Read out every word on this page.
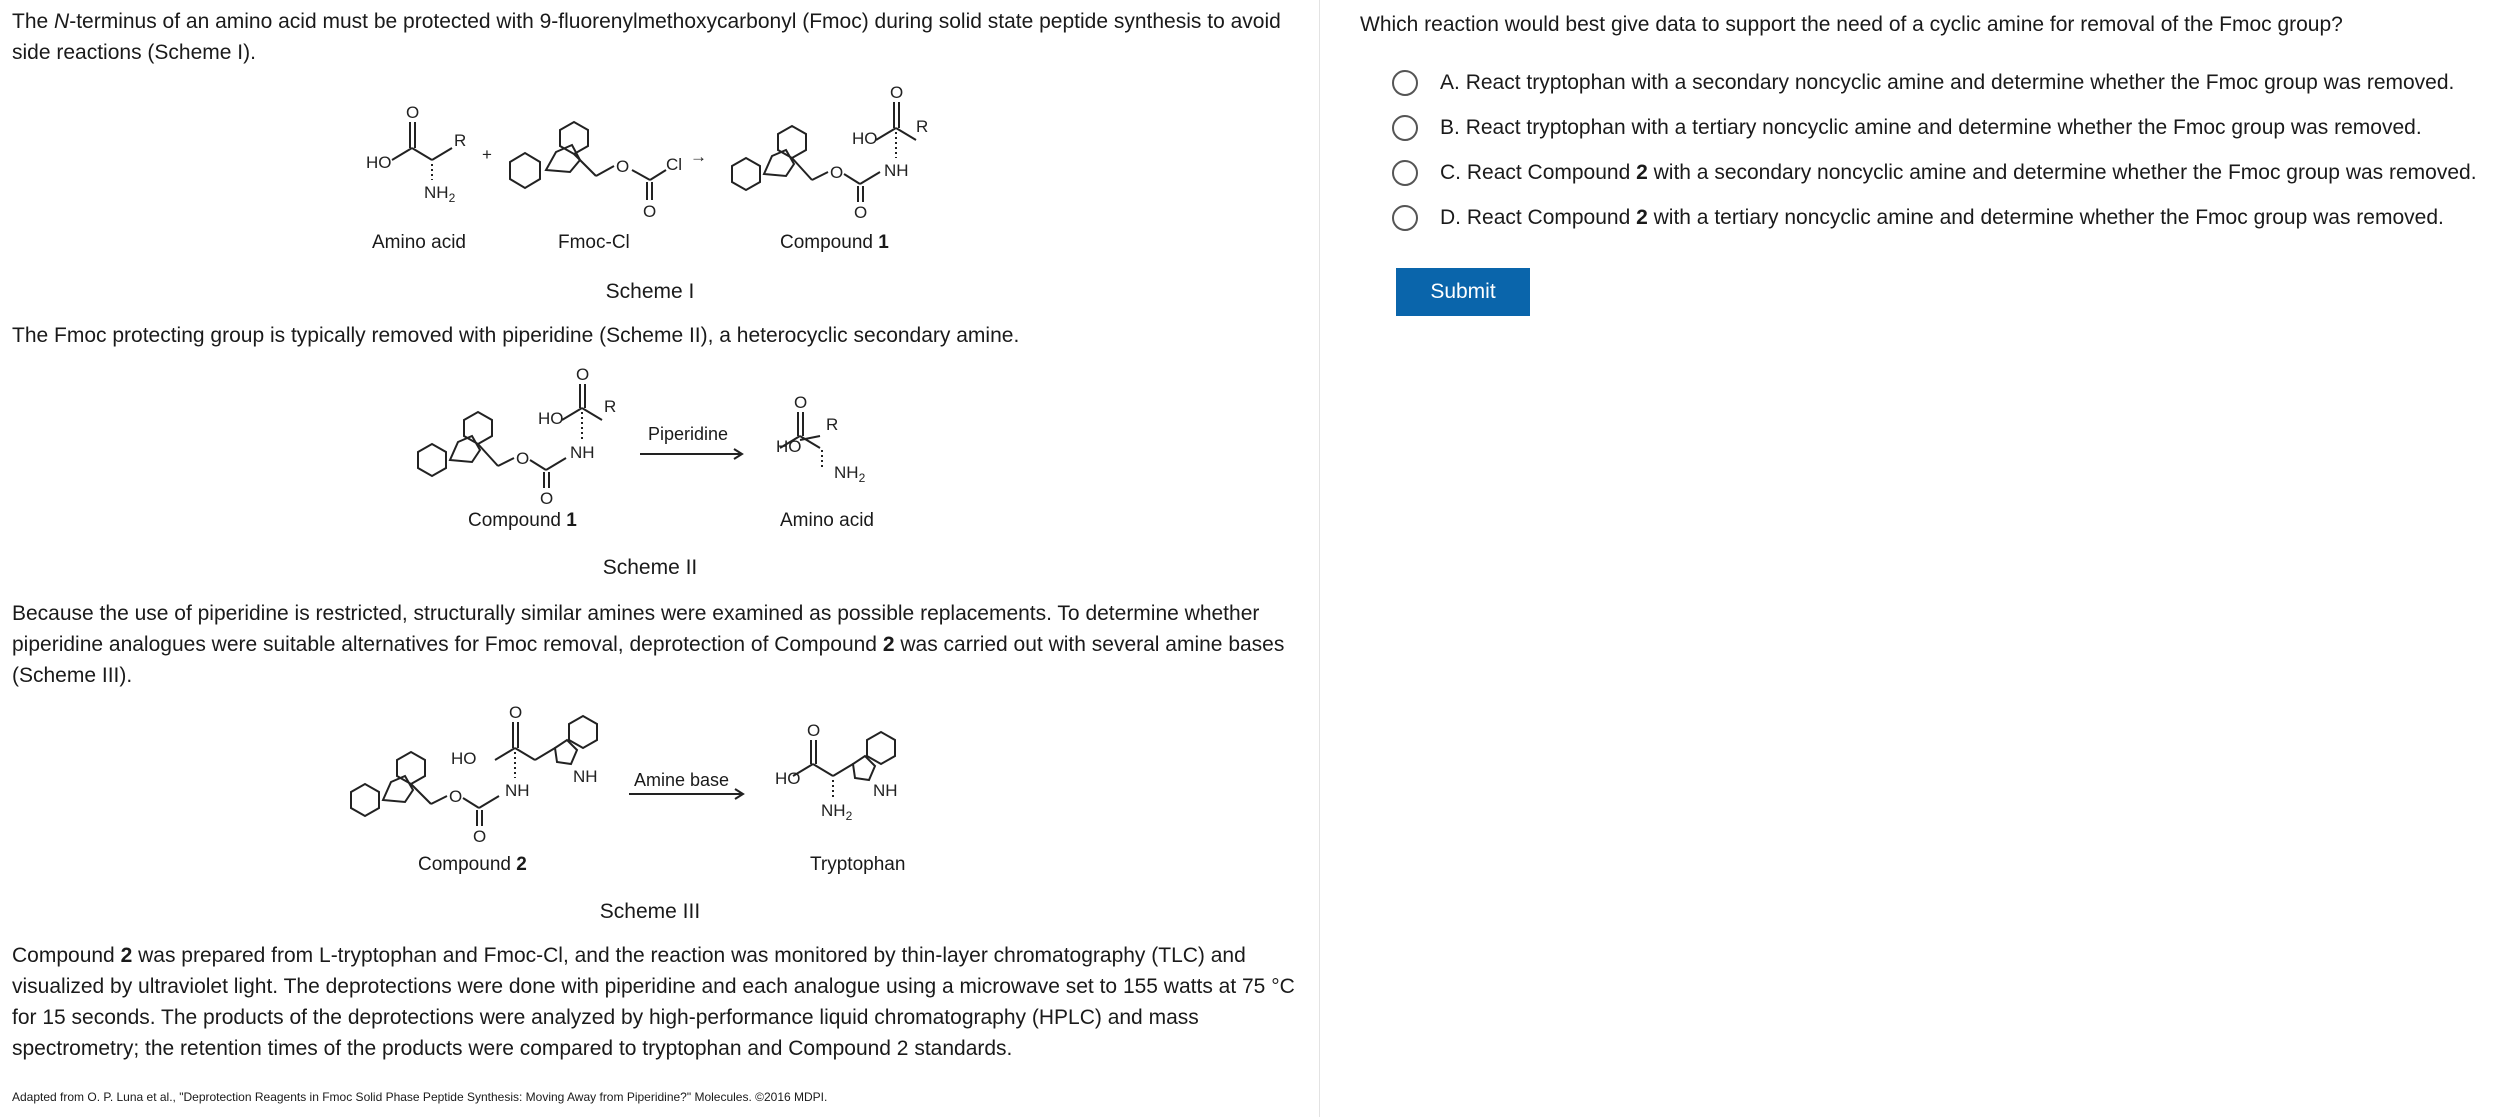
The N-terminus of an amino acid must be protected with 9-fluorenylmethoxycarbonyl (Fmoc) during solid state peptide synthesis to avoid side reactions (Scheme I).

HO
O
R
$NH_2$
+
O Cl
O
→
HO
O
R
NH
O
O
Amino acid	Fmoc-Cl	Compound 1
Scheme I

The Fmoc protecting group is typically removed with piperidine (Scheme II), a heterocyclic secondary amine.

O
O
HO
O
R
NH	HO
O
R
$NH_2$
Piperidine
Compound 1	Amino acid
Scheme II

Because the use of piperidine is restricted, structurally similar amines were examined as possible replacements. To determine whether piperidine analogues were suitable alternatives for Fmoc removal, deprotection of Compound 2 was carried out with several amine bases (Scheme III).

O
O
HO
O
NH
NH	HO
O
$NH_2$
NH
Amine base
Compound 2	Tryptophan
Scheme III

Compound 2 was prepared from L-tryptophan and Fmoc-Cl, and the reaction was monitored by thin-layer chromatography (TLC) and visualized by ultraviolet light. The deprotections were done with piperidine and each analogue using a microwave set to 155 watts at 75 °C for 15 seconds. The products of the deprotections were analyzed by high-performance liquid chromatography (HPLC) and mass spectrometry; the retention times of the products were compared to tryptophan and Compound 2 standards.

Adapted from O. P. Luna et al., "Deprotection Reagents in Fmoc Solid Phase Peptide Synthesis: Moving Away from Piperidine?" Molecules. ©2016 MDPI.

Which reaction would best give data to support the need of a cyclic amine for removal of the Fmoc group?

A.
React tryptophan with a secondary noncyclic amine and determine whether the Fmoc group was removed.
B.
React tryptophan with a tertiary noncyclic amine and determine whether the Fmoc group was removed.
C.
React Compound 2 with a secondary noncyclic amine and determine whether the Fmoc group was removed.
D.
React Compound 2 with a tertiary noncyclic amine and determine whether the Fmoc group was removed.
Submit
